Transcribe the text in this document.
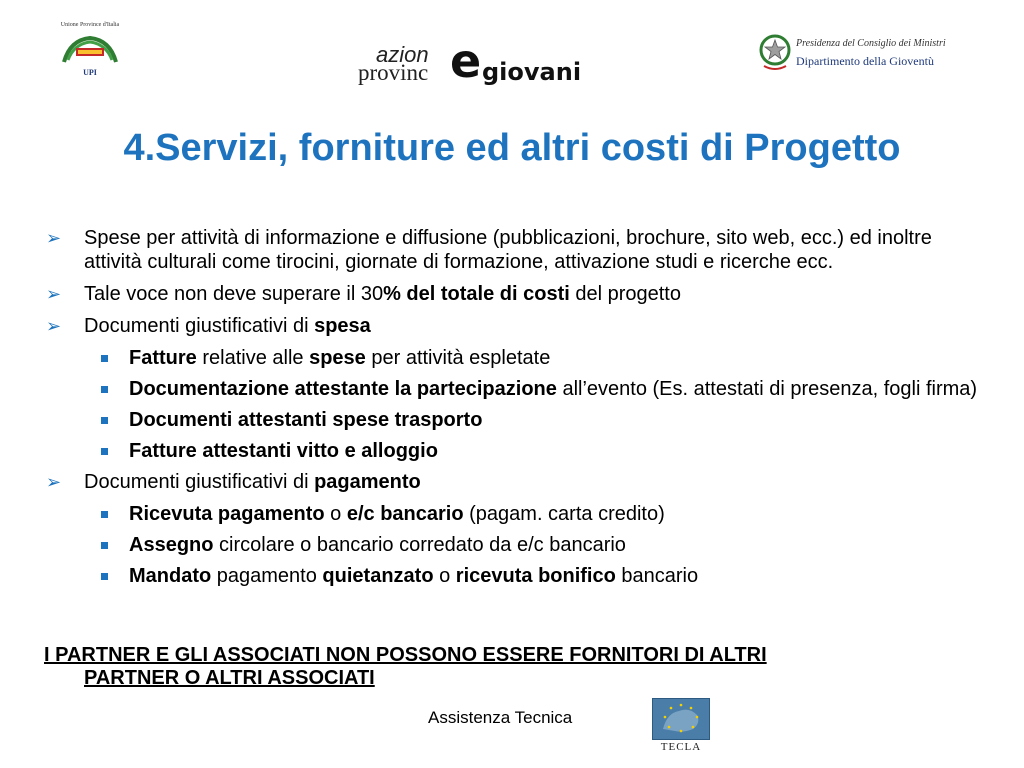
Unione Province d'Italia
UPI
azion
provinc e giovani
Presidenza del Consiglio dei Ministri
Dipartimento della Gioventù
4.Servizi, forniture ed altri costi di Progetto
➢ Spese per attività di informazione e diffusione (pubblicazioni, brochure, sito web, ecc.) ed inoltre attività culturali come tirocini, giornate di formazione, attivazione studi e ricerche ecc.
➢ Tale voce non deve superare il 30% del totale di costi del progetto
➢ Documenti giustificativi di spesa
Fatture relative alle spese per attività espletate
Documentazione attestante la partecipazione all’evento (Es. attestati di presenza, fogli firma)
Documenti attestanti spese trasporto
Fatture attestanti vitto e alloggio
➢ Documenti giustificativi di pagamento
Ricevuta pagamento o e/c bancario (pagam. carta credito)
Assegno circolare o bancario corredato da e/c bancario
Mandato pagamento quietanzato o ricevuta bonifico bancario
I PARTNER E GLI ASSOCIATI NON POSSONO ESSERE FORNITORI DI ALTRI
PARTNER O ALTRI ASSOCIATI
Assistenza Tecnica
TECLA
